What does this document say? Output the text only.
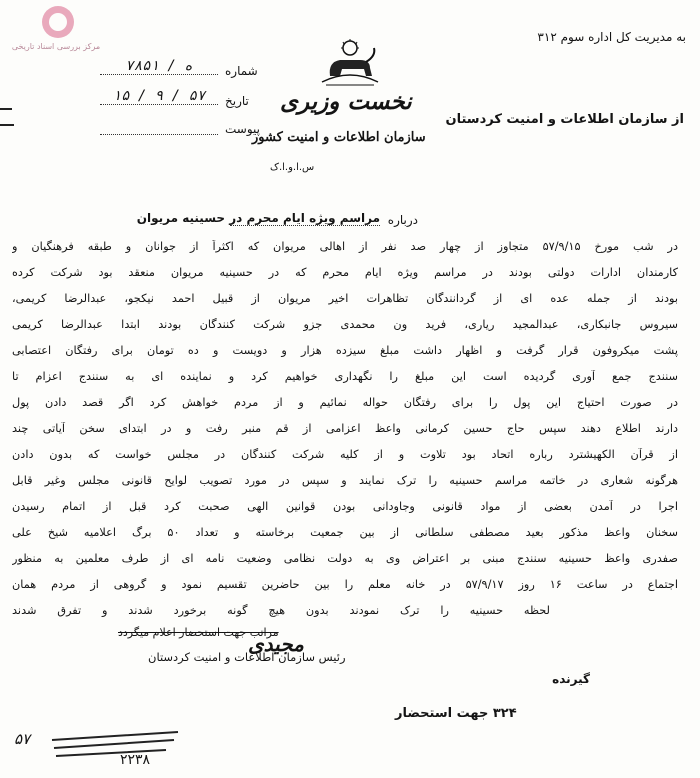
مرکز بررسی اسناد تاریخی
به مدیریت کل اداره سوم ۳۱۲
از سازمان اطلاعات و امنیت کردستان
نخست وزیری
سازمان اطلاعات و امنیت کشور
س.ا.و.ا.ک
شماره
۷۸۵۱ / ه
تاریخ
۱۵ / ۹ / ۵۷
پیوست
درباره
مراسم ویژه ایام محرم در حسینیه مریوان
در شب مورخ ۵۷/۹/۱۵ متجاوز از چهار صد نفر از اهالی مریوان که اکثراً از جوانان و طبقه فرهنگیان و
کارمندان ادارات دولتی بودند در مراسم ویژه ایام محرم که در حسینیه مریوان منعقد بود شرکت کرده
بودند از جمله عده ای از گردانندگان تظاهرات اخیر مریوان از قبیل احمد نیکجو، عبدالرضا کریمی،
سیروس جانبکاری، عبدالمجید ریاری، فرید ون محمدی جزو شرکت کنندگان بودند ابتدا عبدالرضا کریمی
پشت میکروفون قرار گرفت و اظهار داشت مبلغ سیزده هزار و دویست و ده تومان برای رفتگان اعتصابی
سنندج جمع آوری گردیده است این مبلغ را نگهداری خواهیم کرد و نماینده ای به سنندج اعزام تا
در صورت احتیاج این پول را برای رفتگان حواله نمائیم و از مردم خواهش کرد اگر قصد دادن پول
دارند اطلاع دهند سپس حاج حسین کرمانی واعظ اعزامی از قم منبر رفت و در ابتدای سخن آیاتی چند
از قرآن الکهیشترد رباره اتحاد بود تلاوت و از کلیه شرکت کنندگان در مجلس خواست که بدون دادن
هرگونه شعاری در خاتمه مراسم حسینیه را ترک نمایند و سپس در مورد تصویب لوایح قانونی مجلس وغیر قابل
اجرا در آمدن بعضی از مواد قانونی وجاودانی بودن قوانین الهی صحبت کرد قبل از اتمام رسیدن
سخنان واعظ مذکور بعید مصطفی سلطانی از بین جمعیت برخاسته و تعداد ۵۰ برگ اعلامیه شیخ علی
صفدری واعظ حسینیه سنندج مبنی بر اعتراض وی به دولت نظامی وضعیت نامه ای از طرف معلمین به منظور
اجتماع در ساعت ۱۶ روز ۵۷/۹/۱۷ در خانه معلم را بین حاضرین تقسیم نمود و گروهی از مردم همان
لحظه حسینیه را ترک نمودند بدون هیچ گونه برخورد شدند و تفرق شدند
مراتب جهت استحضار اعلام میگردد
رئیس سازمان اطلاعات و امنیت کردستان
مجیدی
گیرنده
۳۲۴ جهت استحضار
۵۷
۲۲۳۸
